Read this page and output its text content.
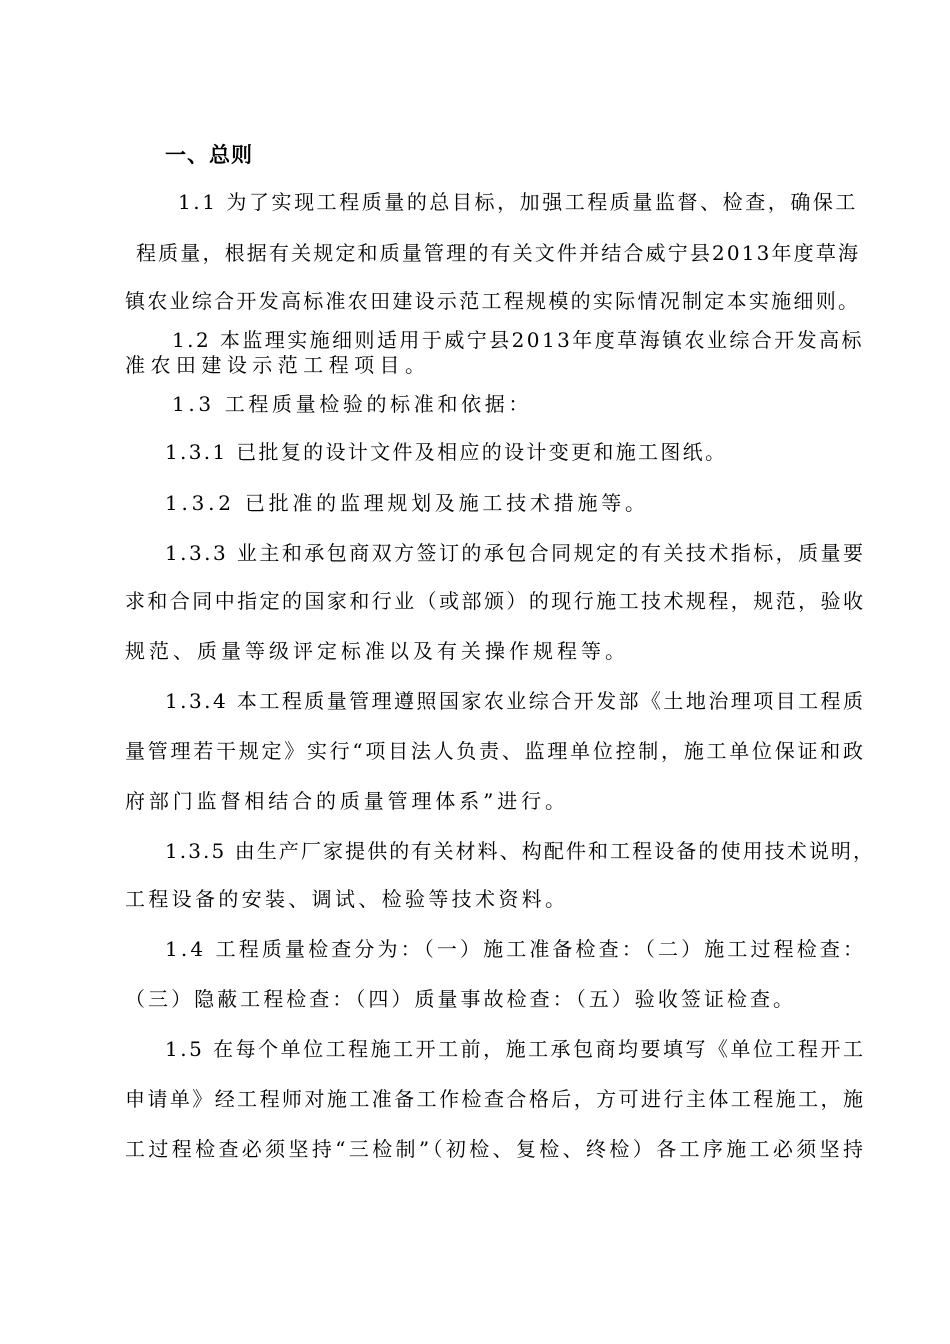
一、总则
1.1 为了实现工程质量的总目标，加强工程质量监督、检查，确保工
程质量，根据有关规定和质量管理的有关文件并结合威宁县2013年度草海
镇农业综合开发高标准农田建设示范工程规模的实际情况制定本实施细则。
1.2 本监理实施细则适用于威宁县2013年度草海镇农业综合开发高标
准农田建设示范工程项目。
1.3 工程质量检验的标准和依据：
1.3.1 已批复的设计文件及相应的设计变更和施工图纸。
1.3.2 已批准的监理规划及施工技术措施等。
1.3.3 业主和承包商双方签订的承包合同规定的有关技术指标，质量要
求和合同中指定的国家和行业（或部颁）的现行施工技术规程，规范，验收
规范、质量等级评定标准以及有关操作规程等。
1.3.4 本工程质量管理遵照国家农业综合开发部《土地治理项目工程质
量管理若干规定》实行“项目法人负责、监理单位控制，施工单位保证和政
府部门监督相结合的质量管理体系”进行。
1.3.5 由生产厂家提供的有关材料、构配件和工程设备的使用技术说明，
工程设备的安装、调试、检验等技术资料。
1.4 工程质量检查分为：（一）施工准备检查：（二）施工过程检查：
（三）隐蔽工程检查：（四）质量事故检查：（五）验收签证检查。
1.5 在每个单位工程施工开工前，施工承包商均要填写《单位工程开工
申请单》经工程师对施工准备工作检查合格后，方可进行主体工程施工，施
工过程检查必须坚持“三检制”（初检、复检、终检）各工序施工必须坚持
